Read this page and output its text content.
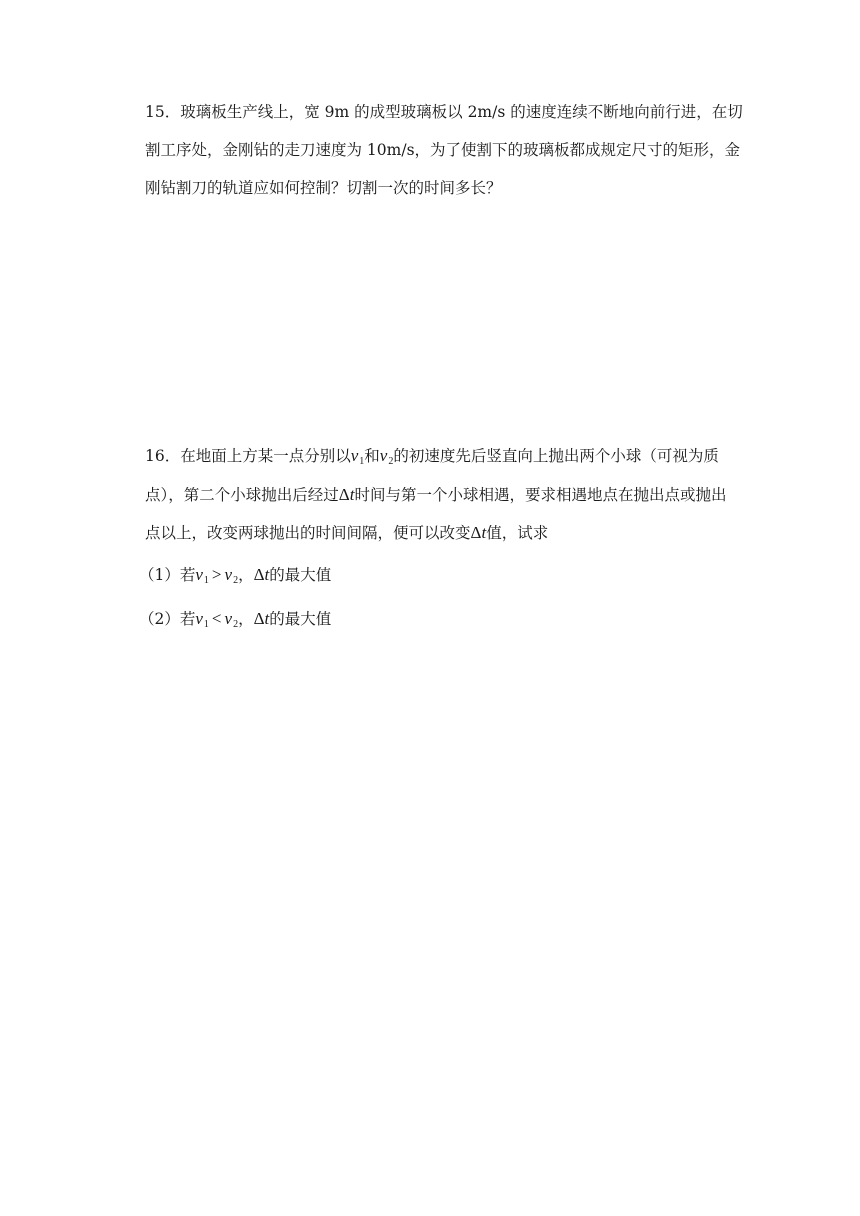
15．玻璃板生产线上，宽 9m 的成型玻璃板以 2m/s 的速度连续不断地向前行进，在切
割工序处，金刚钻的走刀速度为 10m/s，为了使割下的玻璃板都成规定尺寸的矩形，金
刚钻割刀的轨道应如何控制？切割一次的时间多长？
16．在地面上方某一点分别以$v_1$和$v_2$的初速度先后竖直向上抛出两个小球（可视为质
点），第二个小球抛出后经过Δt时间与第一个小球相遇，要求相遇地点在抛出点或抛出
点以上，改变两球抛出的时间间隔，便可以改变Δt值，试求
（1）若$v_1 > v_2$，Δt的最大值
（2）若$v_1 < v_2$，Δt的最大值
